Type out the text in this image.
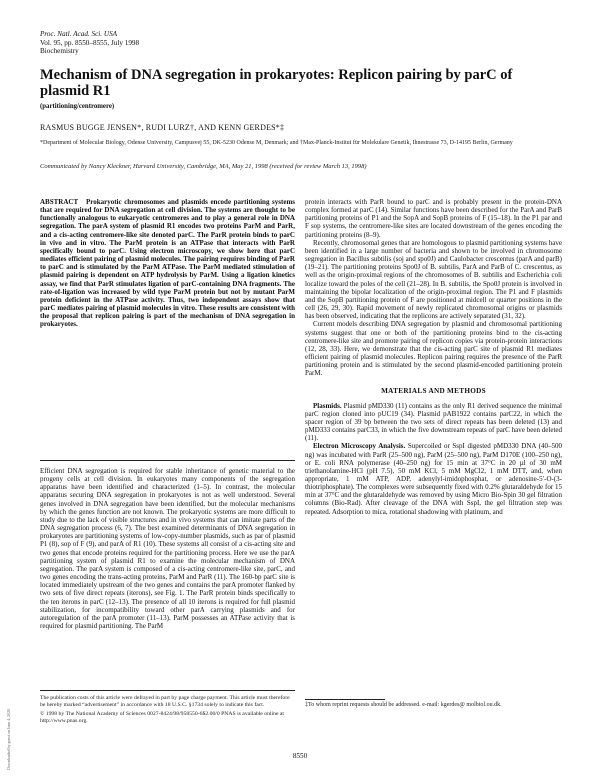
Downloaded by guest on June 4, 2020
Proc. Natl. Acad. Sci. USA
Vol. 95, pp. 8550–8555, July 1998
Biochemistry
Mechanism of DNA segregation in prokaryotes: Replicon pairing by parC of plasmid R1
(partitioning/centromere)
RASMUS BUGGE JENSEN*, RUDI LURZ†, AND KENN GERDES*‡
*Department of Molecular Biology, Odense University, Campusvej 55, DK-5230 Odense M, Denmark; and †Max-Planck-Institut für Molekulare Genetik, Ihnestrasse 73, D-14195 Berlin, Germany
Communicated by Nancy Kleckner, Harvard University, Cambridge, MA, May 21, 1998 (received for review March 13, 1998)

ABSTRACT Prokaryotic chromosomes and plasmids encode partitioning systems that are required for DNA segregation at cell division. The systems are thought to be functionally analogous to eukaryotic centromeres and to play a general role in DNA segregation. The parA system of plasmid R1 encodes two proteins ParM and ParR, and a cis-acting centromere-like site denoted parC. The ParR protein binds to parC in vivo and in vitro. The ParM protein is an ATPase that interacts with ParR specifically bound to parC. Using electron microscopy, we show here that parC mediates efficient pairing of plasmid molecules. The pairing requires binding of ParR to parC and is stimulated by the ParM ATPase. The ParM mediated stimulation of plasmid pairing is dependent on ATP hydrolysis by ParM. Using a ligation kinetics assay, we find that ParR stimulates ligation of parC-containing DNA fragments. The rate-of-ligation was increased by wild type ParM protein but not by mutant ParM protein deficient in the ATPase activity. Thus, two independent assays show that parC mediates pairing of plasmid molecules in vitro. These results are consistent with the proposal that replicon pairing is part of the mechanism of DNA segregation in prokaryotes.

Efficient DNA segregation is required for stable inheritance of genetic material to the progeny cells at cell division. In eukaryotes many components of the segregation apparatus have been identified and characterized (1–5). In contrast, the molecular apparatus securing DNA segregation in prokaryotes is not as well understood. Several genes involved in DNA segregation have been identified, but the molecular mechanisms by which the genes function are not known. The prokaryotic systems are more difficult to study due to the lack of visible structures and in vivo systems that can imitate parts of the DNA segregation process (6, 7). The best examined determinants of DNA segregation in prokaryotes are partitioning systems of low-copy-number plasmids, such as par of plasmid P1 (8), sop of F (9), and parA of R1 (10). These systems all consist of a cis-acting site and two genes that encode proteins required for the partitioning process. Here we use the parA partitioning system of plasmid R1 to examine the molecular mechanism of DNA segregation. The parA system is composed of a cis-acting centromere-like site, parC, and two genes encoding the trans-acting proteins, ParM and ParR (11). The 160-bp parC site is located immediately upstream of the two genes and contains the parA promoter flanked by two sets of five direct repeats (iterons), see Fig. 1. The ParR protein binds specifically to the ten iterons in parC (12–13). The presence of all 10 iterons is required for full plasmid stabilization, for incompatibility toward other parA carrying plasmids and for autoregulation of the parA promoter (11–13). ParM possesses an ATPase activity that is required for plasmid partitioning. The ParM

The publication costs of this article were defrayed in part by page charge payment. This article must therefore be hereby marked “advertisement” in accordance with 18 U.S.C. §1734 solely to indicate this fact.

© 1998 by The National Academy of Sciences 0027-8424/98/958550-6$2.00/0 PNAS is available online at http://www.pnas.org.

protein interacts with ParR bound to parC and is probably present in the protein-DNA complex formed at parC (14). Similar functions have been described for the ParA and ParB partitioning proteins of P1 and the SopA and SopB proteins of F (15–18). In the P1 par and F sop systems, the centromere-like sites are located downstream of the genes encoding the partitioning proteins (8–9).

Recently, chromosomal genes that are homologous to plasmid partitioning systems have been identified in a large number of bacteria and shown to be involved in chromosome segregation in Bacillus subtilis (soj and spo0J) and Caulobacter crescentus (parA and parB) (19–21). The partitioning proteins Spo0J of B. subtilis, ParA and ParB of C. crescentus, as well as the origin-proximal regions of the chromosomes of B. subtilis and Escherichia coli localize toward the poles of the cell (21–28). In B. subtilis, the Spo0J protein is involved in maintaining the bipolar localization of the origin-proximal region. The P1 and F plasmids and the SopB partitioning protein of F are positioned at midcell or quarter positions in the cell (26, 29, 30). Rapid movement of newly replicated chromosomal origins or plasmids has been observed, indicating that the replicons are actively separated (31, 32).

Current models describing DNA segregation by plasmid and chromosomal partitioning systems suggest that one or both of the partitioning proteins bind to the cis-acting centromere-like site and promote pairing of replicon copies via protein-protein interactions (12, 28, 33). Here, we demonstrate that the cis-acting parC site of plasmid R1 mediates efficient pairing of plasmid molecules. Replicon pairing requires the presence of the ParR partitioning protein and is stimulated by the second plasmid-encoded partitioning protein ParM.

MATERIALS AND METHODS

Plasmids. Plasmid pMD330 (11) contains as the only R1 derived sequence the minimal parC region cloned into pUC19 (34). Plasmid pAB1922 contains parC22, in which the spacer region of 39 bp between the two sets of direct repeats has been deleted (13) and pMD333 contains parC33, in which the five downstream repeats of parC have been deleted (11).

Electron Microscopy Analysis. Supercoiled or SspI digested pMD330 DNA (40–500 ng) was incubated with ParR (25–500 ng), ParM (25–500 ng), ParM D170E (100–250 ng), or E. coli RNA polymerase (40–250 ng) for 15 min at 37°C in 20 µl of 30 mM triethanolamine-HCl (pH 7.5), 50 mM KCl, 5 mM MgCl2, 1 mM DTT, and, when appropriate, 1 mM ATP, ADP, adenylyl-imidophosphat, or adenosine-5′-O-(3-thiotriphosphate). The complexes were subsequently fixed with 0.2% glutaraldehyde for 15 min at 37°C and the glutaraldehyde was removed by using Micro Bio-Spin 30 gel filtration columns (Bio-Rad). After cleavage of the DNA with SspI, the gel filtration step was repeated. Adsorption to mica, rotational shadowing with platinum, and

‡To whom reprint requests should be addressed. e-mail: kgerdes@ molbiol.ou.dk.
8550
